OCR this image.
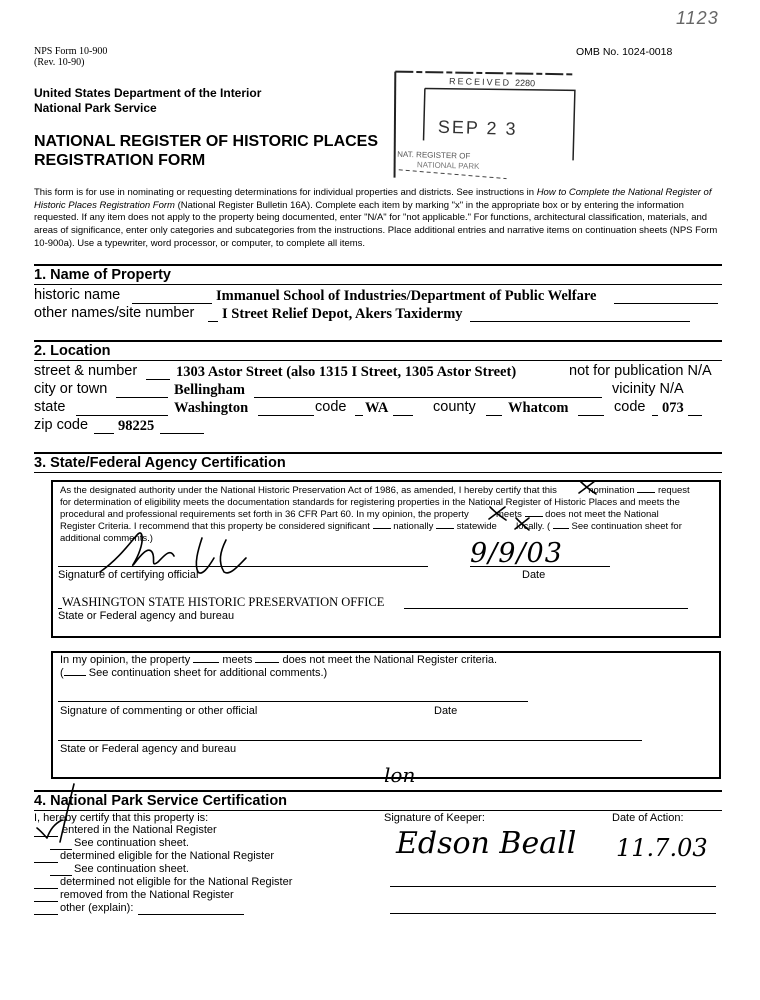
NPS Form 10-900
(Rev. 10-90)
OMB No. 1024-0018
1123
United States Department of the Interior
National Park Service
NATIONAL REGISTER OF HISTORIC PLACES
REGISTRATION FORM
RECEIVED 2280
SEP 2 3
NAT. REGISTER OF
NATIONAL PARK
This form is for use in nominating or requesting determinations for individual properties and districts. See instructions in How to Complete the National Register of Historic Places Registration Form (National Register Bulletin 16A). Complete each item by marking "x" in the appropriate box or by entering the information requested. If any item does not apply to the property being documented, enter "N/A" for "not applicable." For functions, architectural classification, materials, and areas of significance, enter only categories and subcategories from the instructions. Place additional entries and narrative items on continuation sheets (NPS Form 10-900a). Use a typewriter, word processor, or computer, to complete all items.
1. Name of Property
historic name	Immanuel School of Industries/Department of Public Welfare
other names/site number I Street Relief Depot, Akers Taxidermy
2. Location
street & number	1303 Astor Street (also 1315 I Street, 1305 Astor Street)	not for publication N/A
city or town	Bellingham	vicinity N/A
state	Washington	code WA	county Whatcom	code 073
zip code 98225
3. State/Federal Agency Certification
As the designated authority under the National Historic Preservation Act of 1986, as amended, I hereby certify that this	nomination request
for determination of eligibility meets the documentation standards for registering properties in the National Register of Historic Places and meets the
procedural and professional requirements set forth in 36 CFR Part 60. In my opinion, the property	meets does not meet the National
Register Criteria. I recommend that this property be considered significant nationally statewide locally. ( See continuation sheet for
additional comments.)
Signature of certifying official
9/9/03
Date
WASHINGTON STATE HISTORIC PRESERVATION OFFICE
State or Federal agency and bureau
In my opinion, the property	meets	does not meet the National Register criteria.
( See continuation sheet for additional comments.)
Signature of commenting or other official	Date
State or Federal agency and bureau
4. National Park Service Certification
I, hereby certify that this property is:
entered in the National Register
See continuation sheet.
determined eligible for the National Register
See continuation sheet.
determined not eligible for the National Register
removed from the National Register
other (explain):
Signature of Keeper:	Date of Action:
lon
Edson Beall 11.7.03
